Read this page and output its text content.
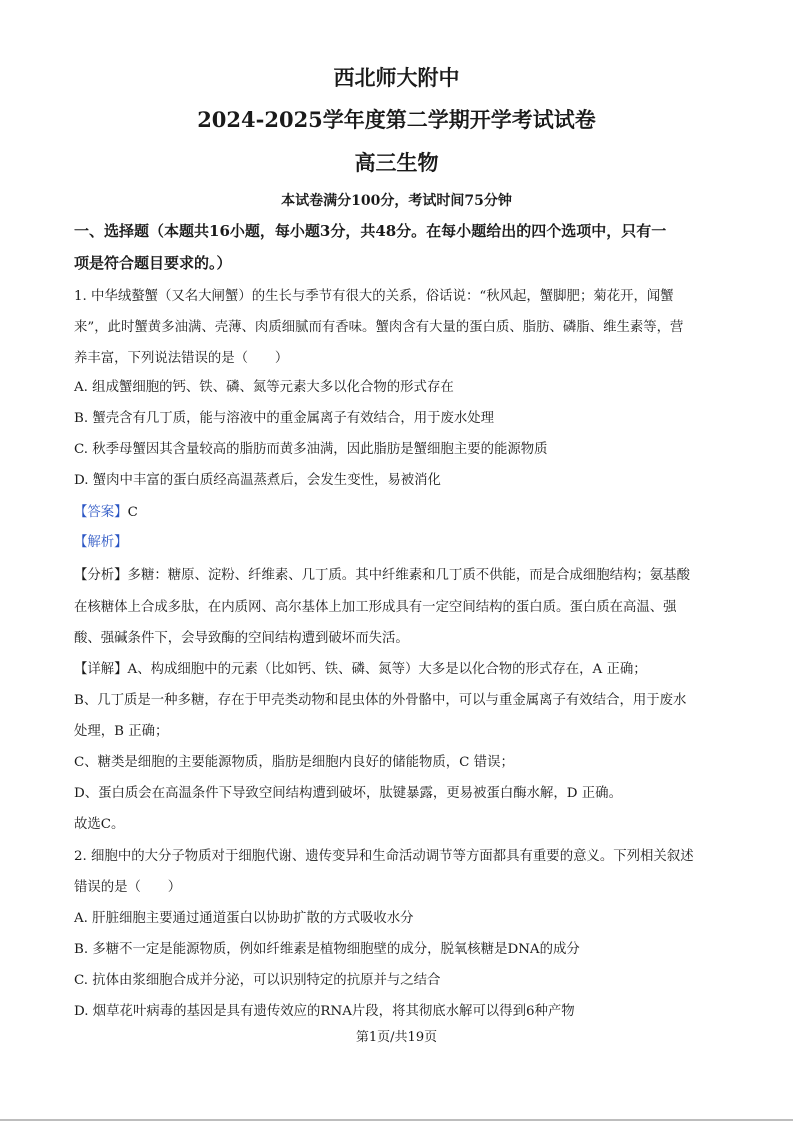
西北师大附中
2024-2025学年度第二学期开学考试试卷
高三生物
本试卷满分100分，考试时间75分钟
一、选择题（本题共16小题，每小题3分，共48分。在每小题给出的四个选项中，只有一
项是符合题目要求的。）
1. 中华绒螯蟹（又名大闸蟹）的生长与季节有很大的关系，俗话说：“秋风起，蟹脚肥；菊花开，闻蟹
来”，此时蟹黄多油满、壳薄、肉质细腻而有香味。蟹肉含有大量的蛋白质、脂肪、磷脂、维生素等，营
养丰富，下列说法错误的是（　　）
A. 组成蟹细胞的钙、铁、磷、氮等元素大多以化合物的形式存在
B. 蟹壳含有几丁质，能与溶液中的重金属离子有效结合，用于废水处理
C. 秋季母蟹因其含量较高的脂肪而黄多油满，因此脂肪是蟹细胞主要的能源物质
D. 蟹肉中丰富的蛋白质经高温蒸煮后，会发生变性，易被消化
【答案】C
【解析】
【分析】多糖：糖原、淀粉、纤维素、几丁质。其中纤维素和几丁质不供能，而是合成细胞结构；氨基酸
在核糖体上合成多肽，在内质网、高尔基体上加工形成具有一定空间结构的蛋白质。蛋白质在高温、强
酸、强碱条件下，会导致酶的空间结构遭到破坏而失活。
【详解】A、构成细胞中的元素（比如钙、铁、磷、氮等）大多是以化合物的形式存在，A 正确；
B、几丁质是一种多糖，存在于甲壳类动物和昆虫体的外骨骼中，可以与重金属离子有效结合，用于废水
处理，B 正确；
C、糖类是细胞的主要能源物质，脂肪是细胞内良好的储能物质，C 错误；
D、蛋白质会在高温条件下导致空间结构遭到破坏，肽键暴露，更易被蛋白酶水解，D 正确。
故选C。
2. 细胞中的大分子物质对于细胞代谢、遗传变异和生命活动调节等方面都具有重要的意义。下列相关叙述
错误的是（　　）
A. 肝脏细胞主要通过通道蛋白以协助扩散的方式吸收水分
B. 多糖不一定是能源物质，例如纤维素是植物细胞壁的成分，脱氧核糖是DNA的成分
C. 抗体由浆细胞合成并分泌，可以识别特定的抗原并与之结合
D. 烟草花叶病毒的基因是具有遗传效应的RNA片段，将其彻底水解可以得到6种产物
第1页/共19页
